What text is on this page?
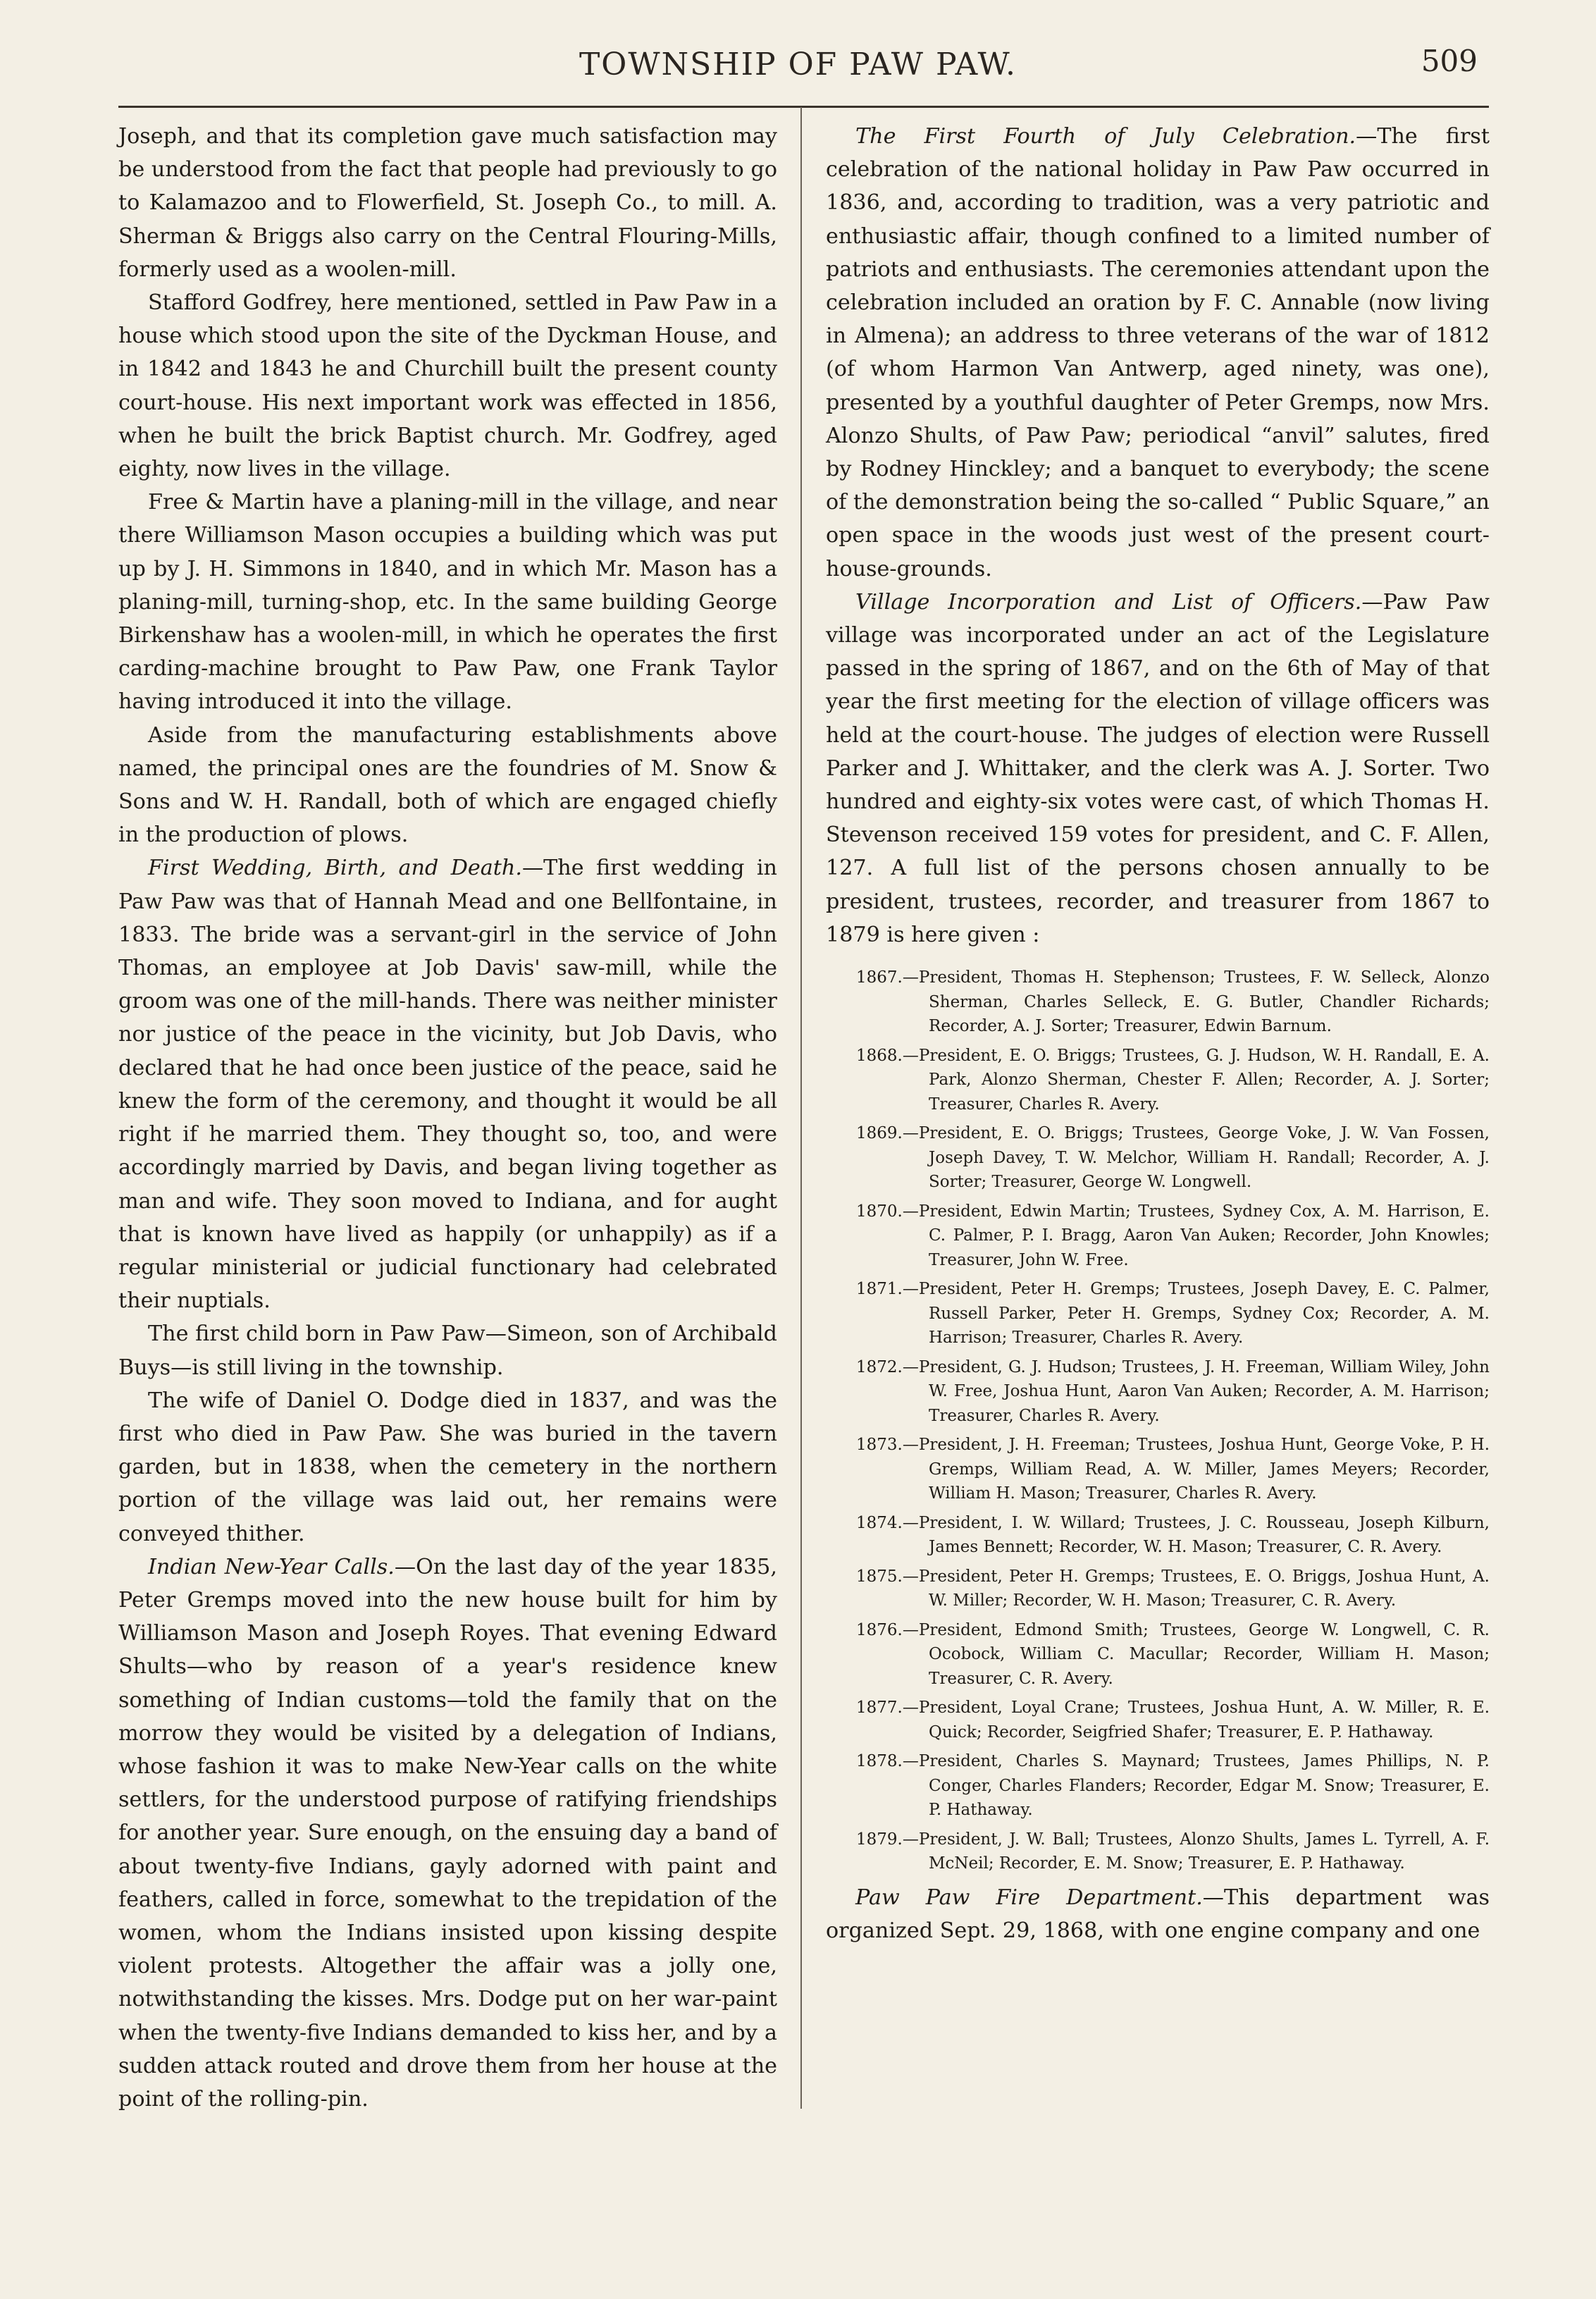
TOWNSHIP OF PAW PAW.	509

Joseph, and that its completion gave much satisfaction may be understood from the fact that people had previously to go to Kalamazoo and to Flowerfield, St. Joseph Co., to mill. A. Sherman & Briggs also carry on the Central Flouring-Mills, formerly used as a woolen-mill.

Stafford Godfrey, here mentioned, settled in Paw Paw in a house which stood upon the site of the Dyckman House, and in 1842 and 1843 he and Churchill built the present county court-house. His next important work was effected in 1856, when he built the brick Baptist church. Mr. Godfrey, aged eighty, now lives in the village.

Free & Martin have a planing-mill in the village, and near there Williamson Mason occupies a building which was put up by J. H. Simmons in 1840, and in which Mr. Mason has a planing-mill, turning-shop, etc. In the same building George Birkenshaw has a woolen-mill, in which he operates the first carding-machine brought to Paw Paw, one Frank Taylor having introduced it into the village.

Aside from the manufacturing establishments above named, the principal ones are the foundries of M. Snow & Sons and W. H. Randall, both of which are engaged chiefly in the production of plows.

First Wedding, Birth, and Death.—The first wedding in Paw Paw was that of Hannah Mead and one Bellfontaine, in 1833. The bride was a servant-girl in the service of John Thomas, an employee at Job Davis' saw-mill, while the groom was one of the mill-hands. There was neither minister nor justice of the peace in the vicinity, but Job Davis, who declared that he had once been justice of the peace, said he knew the form of the ceremony, and thought it would be all right if he married them. They thought so, too, and were accordingly married by Davis, and began living together as man and wife. They soon moved to Indiana, and for aught that is known have lived as happily (or unhappily) as if a regular ministerial or judicial functionary had celebrated their nuptials.

The first child born in Paw Paw—Simeon, son of Archibald Buys—is still living in the township.

The wife of Daniel O. Dodge died in 1837, and was the first who died in Paw Paw. She was buried in the tavern garden, but in 1838, when the cemetery in the northern portion of the village was laid out, her remains were conveyed thither.

Indian New-Year Calls.—On the last day of the year 1835, Peter Gremps moved into the new house built for him by Williamson Mason and Joseph Royes. That evening Edward Shults—who by reason of a year's residence knew something of Indian customs—told the family that on the morrow they would be visited by a delegation of Indians, whose fashion it was to make New-Year calls on the white settlers, for the understood purpose of ratifying friendships for another year. Sure enough, on the ensuing day a band of about twenty-five Indians, gayly adorned with paint and feathers, called in force, somewhat to the trepidation of the women, whom the Indians insisted upon kissing despite violent protests. Altogether the affair was a jolly one, notwithstanding the kisses. Mrs. Dodge put on her war-paint when the twenty-five Indians demanded to kiss her, and by a sudden attack routed and drove them from her house at the point of the rolling-pin.

The First Fourth of July Celebration.—The first celebration of the national holiday in Paw Paw occurred in 1836, and, according to tradition, was a very patriotic and enthusiastic affair, though confined to a limited number of patriots and enthusiasts. The ceremonies attendant upon the celebration included an oration by F. C. Annable (now living in Almena); an address to three veterans of the war of 1812 (of whom Harmon Van Antwerp, aged ninety, was one), presented by a youthful daughter of Peter Gremps, now Mrs. Alonzo Shults, of Paw Paw; periodical “anvil” salutes, fired by Rodney Hinckley; and a banquet to everybody; the scene of the demonstration being the so-called “ Public Square,” an open space in the woods just west of the present court-house-grounds.

Village Incorporation and List of Officers.—Paw Paw village was incorporated under an act of the Legislature passed in the spring of 1867, and on the 6th of May of that year the first meeting for the election of village officers was held at the court-house. The judges of election were Russell Parker and J. Whittaker, and the clerk was A. J. Sorter. Two hundred and eighty-six votes were cast, of which Thomas H. Stevenson received 159 votes for president, and C. F. Allen, 127. A full list of the persons chosen annually to be president, trustees, recorder, and treasurer from 1867 to 1879 is here given :

1867.—President, Thomas H. Stephenson; Trustees, F. W. Selleck, Alonzo Sherman, Charles Selleck, E. G. Butler, Chandler Richards; Recorder, A. J. Sorter; Treasurer, Edwin Barnum.
1868.—President, E. O. Briggs; Trustees, G. J. Hudson, W. H. Randall, E. A. Park, Alonzo Sherman, Chester F. Allen; Recorder, A. J. Sorter; Treasurer, Charles R. Avery.
1869.—President, E. O. Briggs; Trustees, George Voke, J. W. Van Fossen, Joseph Davey, T. W. Melchor, William H. Randall; Recorder, A. J. Sorter; Treasurer, George W. Longwell.
1870.—President, Edwin Martin; Trustees, Sydney Cox, A. M. Harrison, E. C. Palmer, P. I. Bragg, Aaron Van Auken; Recorder, John Knowles; Treasurer, John W. Free.
1871.—President, Peter H. Gremps; Trustees, Joseph Davey, E. C. Palmer, Russell Parker, Peter H. Gremps, Sydney Cox; Recorder, A. M. Harrison; Treasurer, Charles R. Avery.
1872.—President, G. J. Hudson; Trustees, J. H. Freeman, William Wiley, John W. Free, Joshua Hunt, Aaron Van Auken; Recorder, A. M. Harrison; Treasurer, Charles R. Avery.
1873.—President, J. H. Freeman; Trustees, Joshua Hunt, George Voke, P. H. Gremps, William Read, A. W. Miller, James Meyers; Recorder, William H. Mason; Treasurer, Charles R. Avery.
1874.—President, I. W. Willard; Trustees, J. C. Rousseau, Joseph Kilburn, James Bennett; Recorder, W. H. Mason; Treasurer, C. R. Avery.
1875.—President, Peter H. Gremps; Trustees, E. O. Briggs, Joshua Hunt, A. W. Miller; Recorder, W. H. Mason; Treasurer, C. R. Avery.
1876.—President, Edmond Smith; Trustees, George W. Longwell, C. R. Ocobock, William C. Macullar; Recorder, William H. Mason; Treasurer, C. R. Avery.
1877.—President, Loyal Crane; Trustees, Joshua Hunt, A. W. Miller, R. E. Quick; Recorder, Seigfried Shafer; Treasurer, E. P. Hathaway.
1878.—President, Charles S. Maynard; Trustees, James Phillips, N. P. Conger, Charles Flanders; Recorder, Edgar M. Snow; Treasurer, E. P. Hathaway.
1879.—President, J. W. Ball; Trustees, Alonzo Shults, James L. Tyrrell, A. F. McNeil; Recorder, E. M. Snow; Treasurer, E. P. Hathaway.

Paw Paw Fire Department.—This department was organized Sept. 29, 1868, with one engine company and one
